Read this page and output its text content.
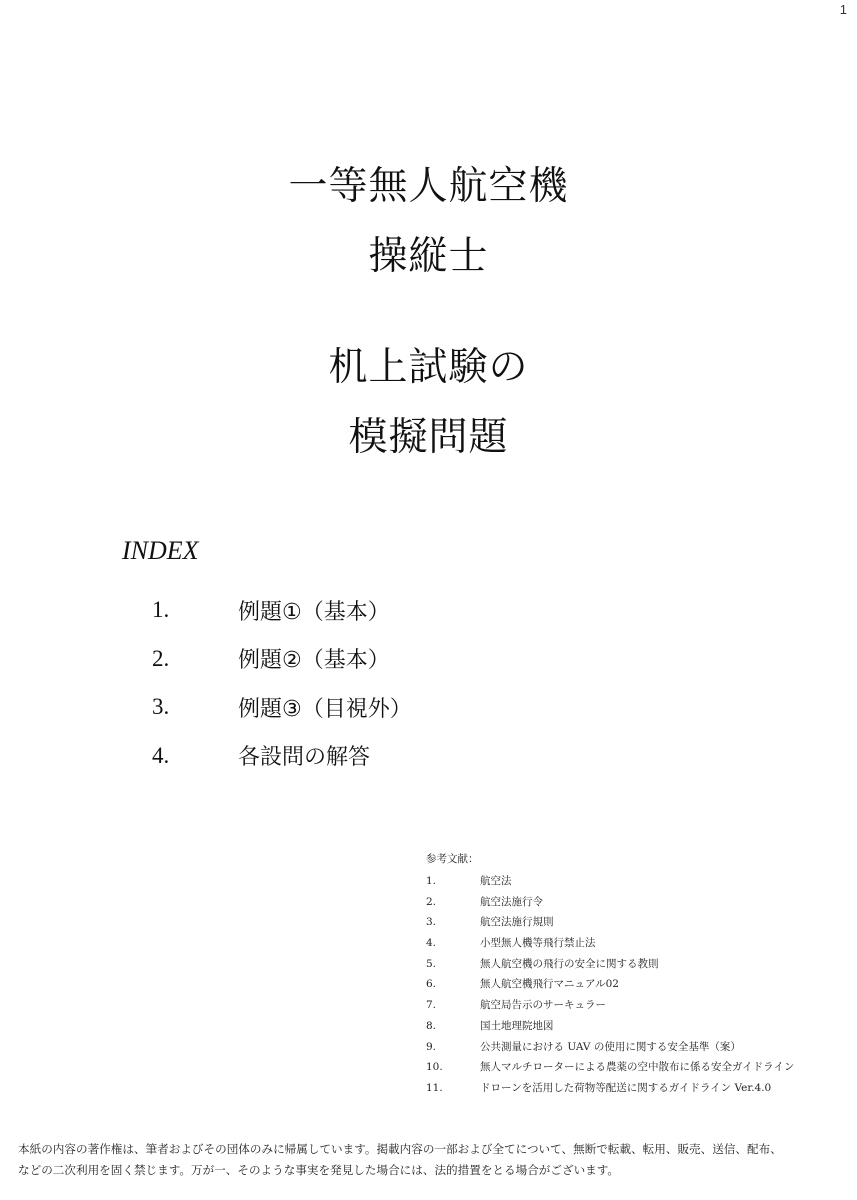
1
一等無人航空機
操縦士
机上試験の
模擬問題
INDEX
1.	例題①（基本）
2.	例題②（基本）
3.	例題③（目視外）
4.	各設問の解答
参考文献：
1.	航空法
2.	航空法施行令
3.	航空法施行規則
4.	小型無人機等飛行禁止法
5.	無人航空機の飛行の安全に関する教則
6.	無人航空機飛行マニュアル02
7.	航空局告示のサーキュラー
8.	国土地理院地図
9.	公共測量における UAV の使用に関する安全基準（案）
10.	無人マルチローターによる農薬の空中散布に係る安全ガイドライン
11.	ドローンを活用した荷物等配送に関するガイドライン Ver.4.0
本紙の内容の著作権は、筆者およびその団体のみに帰属しています。掲載内容の一部および全てについて、無断で転載、転用、販売、送信、配布、
などの二次利用を固く禁じます。万が一、そのような事実を発見した場合には、法的措置をとる場合がございます。
